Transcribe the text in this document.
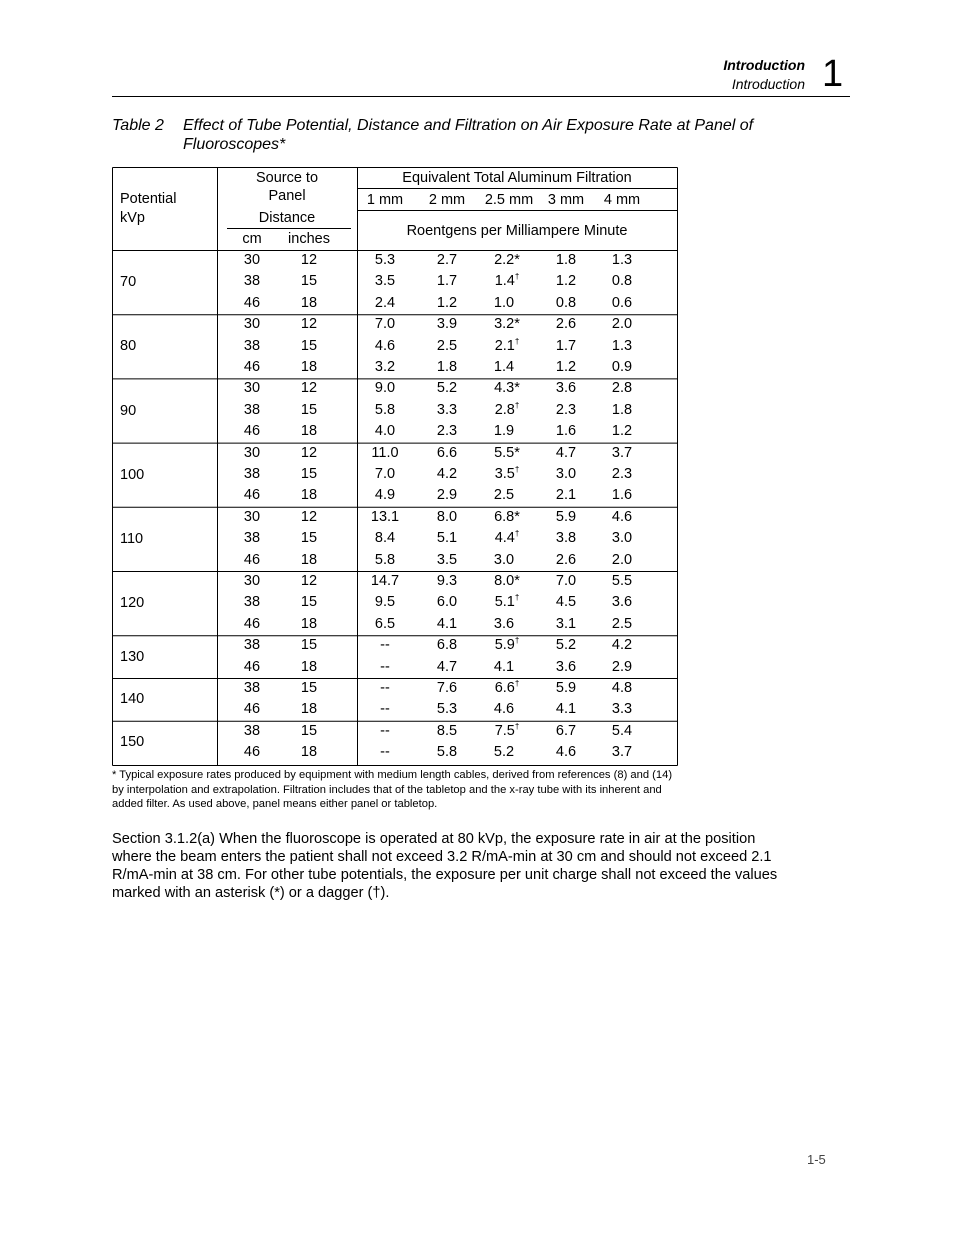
Introduction
Introduction 1
Table 2 Effect of Tube Potential, Distance and Filtration on Air Exposure Rate at Panel of Fluoroscopes*
Potential
kVp
Source to
Panel
Distance
cm inches
Equivalent Total Aluminum Filtration
1 mm 2 mm 2.5 mm 3 mm 4 mm
Roentgens per Milliampere Minute
70
30	12	5.3	2.7	2.2* 1.8 1.3
38	15	3.5	1.7	1.4†	1.2 0.8
46	18	2.4	1.2	1.0	0.8 0.6
80
30	12	7.0	3.9	3.2* 2.6 2.0
38	15	4.6	2.5	2.1†	1.7 1.3
46	18	3.2	1.8	1.4	1.2 0.9
90
30	12	9.0	5.2	4.3* 3.6 2.8
38	15	5.8	3.3	2.8†	2.3 1.8
46	18	4.0	2.3	1.9	1.6 1.2
100
30	12	11.0	6.6	5.5* 4.7 3.7
38	15	7.0	4.2	3.5†	3.0 2.3
46	18	4.9	2.9	2.5	2.1 1.6
110
30	12	13.1	8.0	6.8* 5.9 4.6
38	15	8.4	5.1	4.4†	3.8 3.0
46	18	5.8	3.5	3.0	2.6 2.0
120
30	12	14.7	9.3	8.0* 7.0 5.5
38	15	9.5	6.0	5.1†	4.5 3.6
46	18	6.5	4.1	3.6	3.1 2.5
130
38	15	--	6.8	5.9†	5.2 4.2
46	18	--	4.7	4.1	3.6 2.9
140
38	15	--	7.6	6.6†	5.9 4.8
46	18	--	5.3	4.6	4.1 3.3
150
38	15	--	8.5	7.5†	6.7 5.4
46	18	--	5.8	5.2	4.6 3.7
* Typical exposure rates produced by equipment with medium length cables, derived from references (8) and (14)
by interpolation and extrapolation. Filtration includes that of the tabletop and the x-ray tube with its inherent and
added filter. As used above, panel means either panel or tabletop.
Section 3.1.2(a) When the fluoroscope is operated at 80 kVp, the exposure rate in air at the position
where the beam enters the patient shall not exceed 3.2 R/mA-min at 30 cm and should not exceed 2.1
R/mA-min at 38 cm. For other tube potentials, the exposure per unit charge shall not exceed the values
marked with an asterisk (*) or a dagger (†).
1-5
